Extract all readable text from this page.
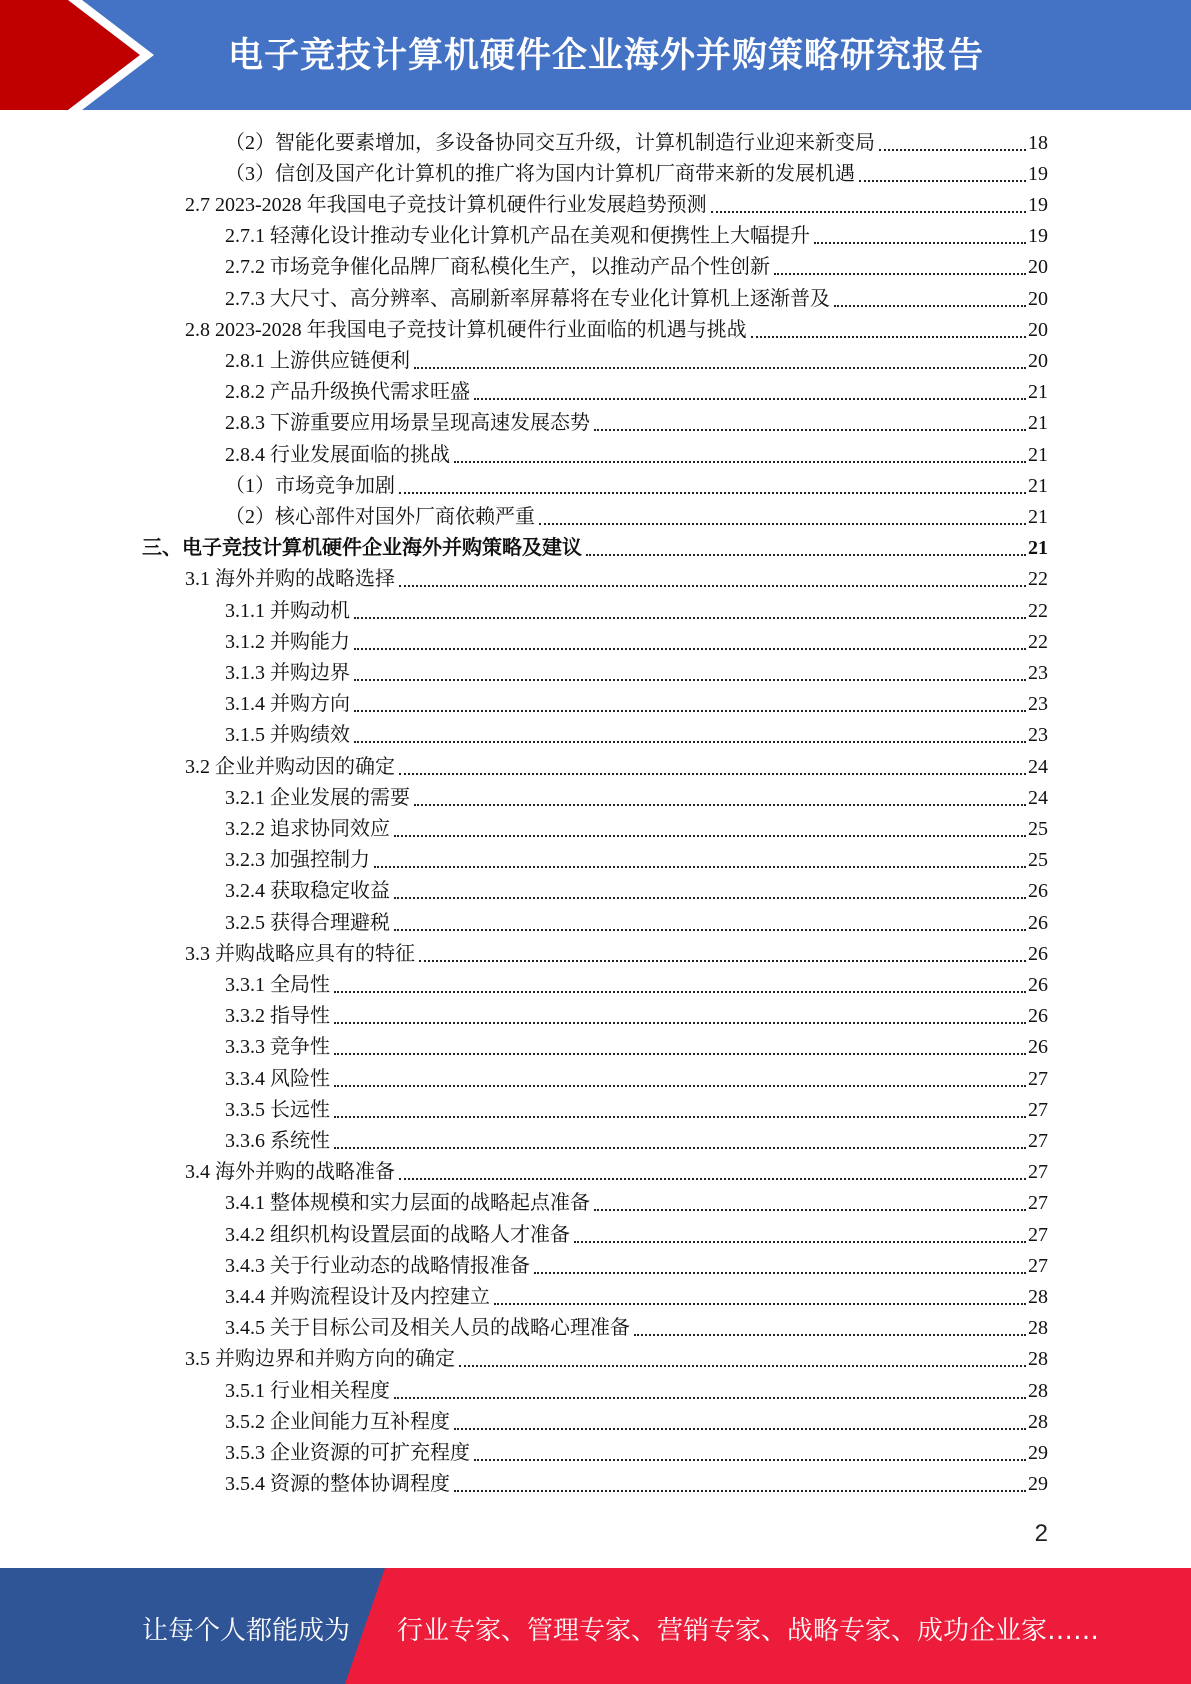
电子竞技计算机硬件企业海外并购策略研究报告
（2）智能化要素增加，多设备协同交互升级，计算机制造行业迎来新变局	18
（3）信创及国产化计算机的推广将为国内计算机厂商带来新的发展机遇	19
2.7 2023-2028 年我国电子竞技计算机硬件行业发展趋势预测	19
2.7.1 轻薄化设计推动专业化计算机产品在美观和便携性上大幅提升	19
2.7.2 市场竞争催化品牌厂商私模化生产，以推动产品个性创新	20
2.7.3 大尺寸、高分辨率、高刷新率屏幕将在专业化计算机上逐渐普及	20
2.8 2023-2028 年我国电子竞技计算机硬件行业面临的机遇与挑战	20
2.8.1 上游供应链便利	20
2.8.2 产品升级换代需求旺盛	21
2.8.3 下游重要应用场景呈现高速发展态势	21
2.8.4 行业发展面临的挑战	21
（1）市场竞争加剧	21
（2）核心部件对国外厂商依赖严重	21
三、电子竞技计算机硬件企业海外并购策略及建议	21
3.1 海外并购的战略选择	22
3.1.1 并购动机	22
3.1.2 并购能力	22
3.1.3 并购边界	23
3.1.4 并购方向	23
3.1.5 并购绩效	23
3.2 企业并购动因的确定	24
3.2.1 企业发展的需要	24
3.2.2 追求协同效应	25
3.2.3 加强控制力	25
3.2.4 获取稳定收益	26
3.2.5 获得合理避税	26
3.3 并购战略应具有的特征	26
3.3.1 全局性	26
3.3.2 指导性	26
3.3.3 竞争性	26
3.3.4 风险性	27
3.3.5 长远性	27
3.3.6 系统性	27
3.4 海外并购的战略准备	27
3.4.1 整体规模和实力层面的战略起点准备	27
3.4.2 组织机构设置层面的战略人才准备	27
3.4.3 关于行业动态的战略情报准备	27
3.4.4 并购流程设计及内控建立	28
3.4.5 关于目标公司及相关人员的战略心理准备	28
3.5 并购边界和并购方向的确定	28
3.5.1 行业相关程度	28
3.5.2 企业间能力互补程度	28
3.5.3 企业资源的可扩充程度	29
3.5.4 资源的整体协调程度	29
2
让每个人都能成为 行业专家、管理专家、营销专家、战略专家、成功企业家……
